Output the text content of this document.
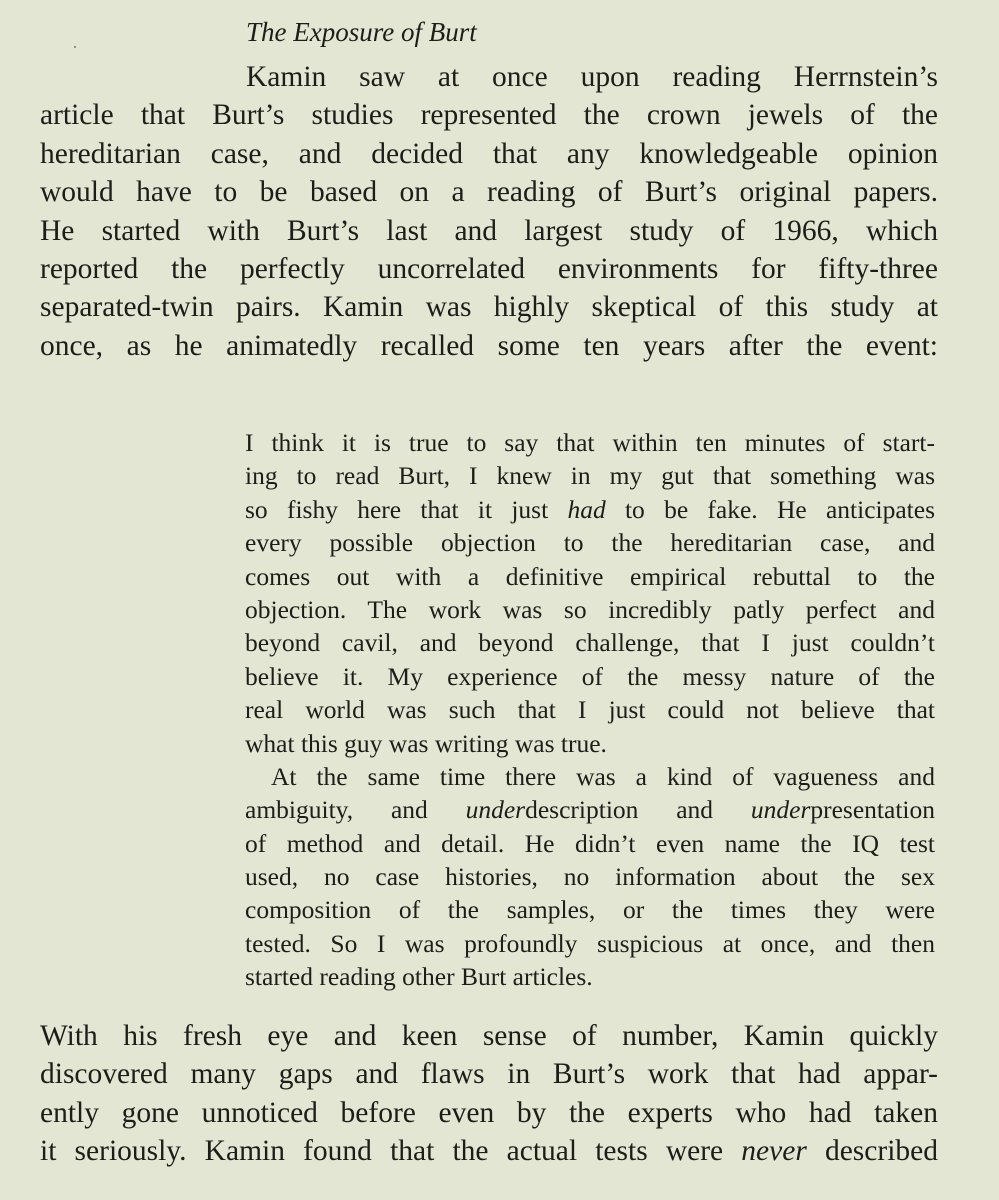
The Exposure of Burt
Kamin saw at once upon reading Herrnstein’s
article that Burt’s studies represented the crown jewels of the
hereditarian case, and decided that any knowledgeable opinion
would have to be based on a reading of Burt’s original papers.
He started with Burt’s last and largest study of 1966, which
reported the perfectly uncorrelated environments for fifty-three
separated-twin pairs. Kamin was highly skeptical of this study at
once, as he animatedly recalled some ten years after the event:
I think it is true to say that within ten minutes of start-
ing to read Burt, I knew in my gut that something was
so fishy here that it just had to be fake. He anticipates
every possible objection to the hereditarian case, and
comes out with a definitive empirical rebuttal to the
objection. The work was so incredibly patly perfect and
beyond cavil, and beyond challenge, that I just couldn’t
believe it. My experience of the messy nature of the
real world was such that I just could not believe that
what this guy was writing was true.
At the same time there was a kind of vagueness and
ambiguity, and underdescription and underpresentation
of method and detail. He didn’t even name the IQ test
used, no case histories, no information about the sex
composition of the samples, or the times they were
tested. So I was profoundly suspicious at once, and then
started reading other Burt articles.
With his fresh eye and keen sense of number, Kamin quickly
discovered many gaps and flaws in Burt’s work that had appar-
ently gone unnoticed before even by the experts who had taken
it seriously. Kamin found that the actual tests were never described
